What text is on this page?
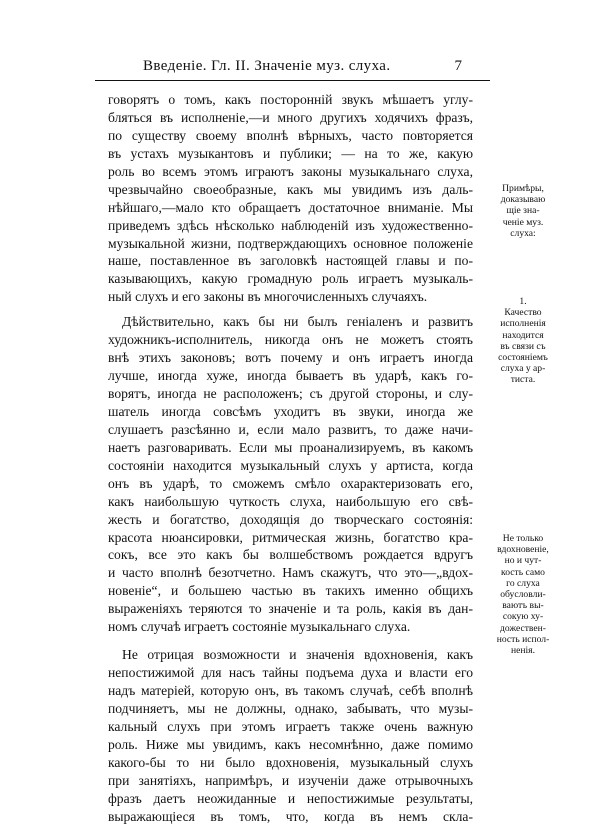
Введеніе. Гл. II. Значеніе муз. слуха.	7
говорятъ о томъ, какъ посторонній звукъ мѣшаетъ углу-
бляться въ исполненіе,—и много другихъ ходячихъ фразъ,
по существу своему вполнѣ вѣрныхъ, часто повторяется
въ устахъ музыкантовъ и публики; — на то же, какую
роль во всемъ этомъ играютъ законы музыкальнаго слуха,
чрезвычайно своеобразные, какъ мы увидимъ изъ даль-
нѣйшаго,—мало кто обращаетъ достаточное вниманіе. Мы
приведемъ здѣсь нѣсколько наблюденій изъ художественно-
музыкальной жизни, подтверждающихъ основное положеніе
наше, поставленное въ заголовкѣ настоящей главы и по-
казывающихъ, какую громадную роль играетъ музыкаль-
ный слухъ и его законы въ многочисленныхъ случаяхъ.
Дѣйствительно, какъ бы ни былъ геніаленъ и развитъ
художникъ-исполнитель, никогда онъ не можетъ стоять
внѣ этихъ законовъ; вотъ почему и онъ играетъ иногда
лучше, иногда хуже, иногда бываетъ въ ударѣ, какъ го-
ворятъ, иногда не расположенъ; съ другой стороны, и слу-
шатель иногда совсѣмъ уходитъ въ звуки, иногда же
слушаетъ разсѣянно и, если мало развитъ, то даже начи-
наетъ разговаривать. Если мы проанализируемъ, въ какомъ
состояніи находится музыкальный слухъ у артиста, когда
онъ въ ударѣ, то сможемъ смѣло охарактеризовать его,
какъ наибольшую чуткость слуха, наибольшую его свѣ-
жесть и богатство, доходящія до творческаго состоянія:
красота нюансировки, ритмическая жизнь, богатство кра-
сокъ, все это какъ бы волшебствомъ рождается вдругъ
и часто вполнѣ безотчетно. Намъ скажутъ, что это—„вдох-
новеніе“, и большею частью въ такихъ именно общихъ
выраженіяхъ теряются то значеніе и та роль, какія въ дан-
номъ случаѣ играетъ состояніе музыкальнаго слуха.
Не отрицая возможности и значенія вдохновенія, какъ
непостижимой для насъ тайны подъема духа и власти его
надъ матеріей, которую онъ, въ такомъ случаѣ, себѣ вполнѣ
подчиняетъ, мы не должны, однако, забывать, что музы-
кальный слухъ при этомъ играетъ также очень важную
роль. Ниже мы увидимъ, какъ несомнѣнно, даже помимо
какого-бы то ни было вдохновенія, музыкальный слухъ
при занятіяхъ, напримѣръ, и изученіи даже отрывочныхъ
фразъ даетъ неожиданные и непостижимые результаты,
выражающіеся въ томъ, что, когда въ немъ скла-
Примѣры,
доказываю
щіе зна-
ченіе муз.
слуха:
1.
Качество
исполненія
находится
въ связи съ
состояніемъ
слуха у ар-
тиста.
Не только
вдохновеніе,
но и чут-
кость само
го слуха
обусловли-
ваютъ вы-
сокую ху-
дожествен-
ность испол-
ненія.
